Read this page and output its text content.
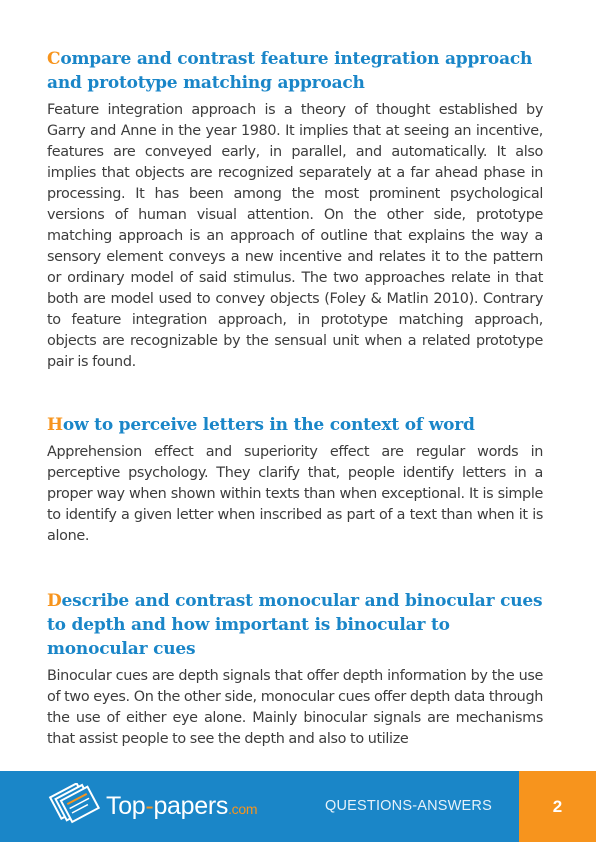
Compare and contrast feature integration approach and prototype matching approach

Feature integration approach is a theory of thought established by Garry and Anne in the year 1980. It implies that at seeing an incentive, features are conveyed early, in parallel, and automatically. It also implies that objects are recognized separately at a far ahead phase in processing. It has been among the most prominent psychological versions of human visual attention. On the other side, prototype matching approach is an approach of outline that explains the way a sensory element conveys a new incentive and relates it to the pattern or ordinary model of said stimulus. The two approaches relate in that both are model used to convey objects (Foley & Matlin 2010). Contrary to feature integration approach, in prototype matching approach, objects are recognizable by the sensual unit when a related prototype pair is found.

How to perceive letters in the context of word

Apprehension effect and superiority effect are regular words in perceptive psychology. They clarify that, people identify letters in a proper way when shown within texts than when exceptional. It is simple to identify a given letter when inscribed as part of a text than when it is alone.

Describe and contrast monocular and binocular cues to depth and how important is binocular to monocular cues

Binocular cues are depth signals that offer depth information by the use of two eyes. On the other side, monocular cues offer depth data through the use of either eye alone. Mainly binocular signals are mechanisms that assist people to see the depth and also to utilize

Top-papers.com	QUESTIONS-ANSWERS	2
